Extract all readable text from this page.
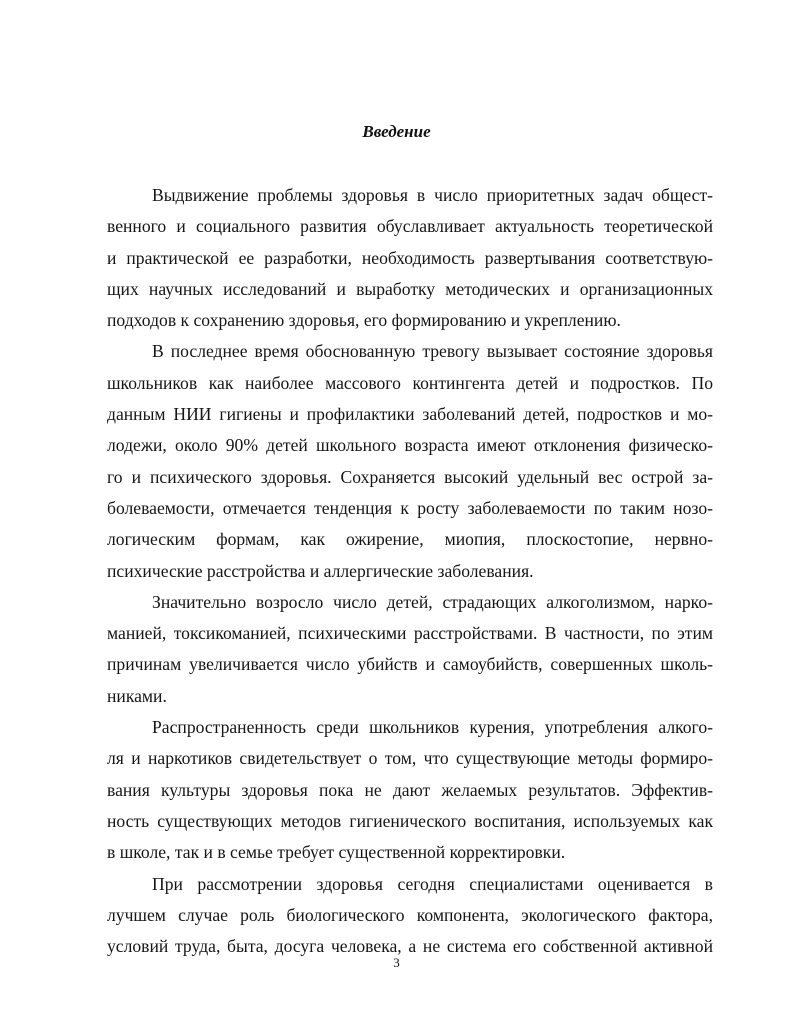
Введение
Выдвижение проблемы здоровья в число приоритетных задач общест-
венного и социального развития обуславливает актуальность теоретической
и практической ее разработки, необходимость развертывания соответствую-
щих научных исследований и выработку методических и организационных
подходов к сохранению здоровья, его формированию и укреплению.
В последнее время обоснованную тревогу вызывает состояние здоровья
школьников как наиболее массового контингента детей и подростков. По
данным НИИ гигиены и профилактики заболеваний детей, подростков и мо-
лодежи, около 90% детей школьного возраста имеют отклонения физическо-
го и психического здоровья. Сохраняется высокий удельный вес острой за-
болеваемости, отмечается тенденция к росту заболеваемости по таким нозо-
логическим формам, как ожирение, миопия, плоскостопие, нервно-
психические расстройства и аллергические заболевания.
Значительно возросло число детей, страдающих алкоголизмом, нарко-
манией, токсикоманией, психическими расстройствами. В частности, по этим
причинам увеличивается число убийств и самоубийств, совершенных школь-
никами.
Распространенность среди школьников курения, употребления алкого-
ля и наркотиков свидетельствует о том, что существующие методы формиро-
вания культуры здоровья пока не дают желаемых результатов. Эффектив-
ность существующих методов гигиенического воспитания, используемых как
в школе, так и в семье требует существенной корректировки.
При рассмотрении здоровья сегодня специалистами оценивается в
лучшем случае роль биологического компонента, экологического фактора,
условий труда, быта, досуга человека, а не система его собственной активной
3
